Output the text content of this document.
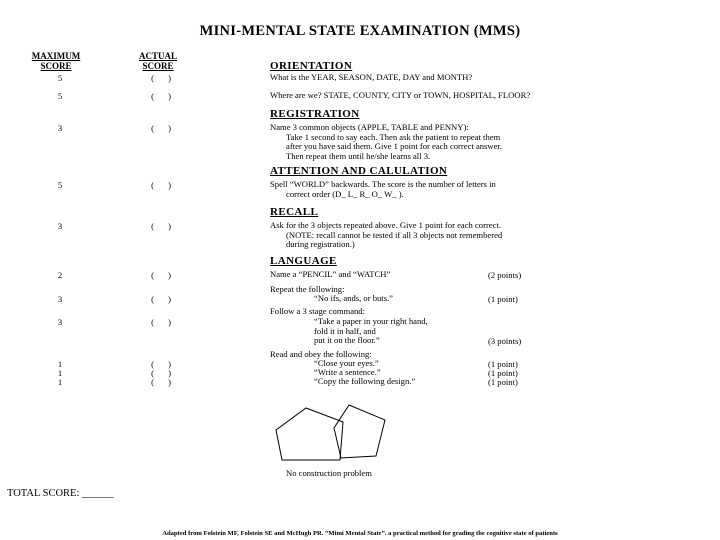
MINI-MENTAL STATE EXAMINATION (MMS)
MAXIMUM
SCORE
ACTUAL
SCORE	ORIENTATION
5	( )	What is the YEAR, SEASON, DATE, DAY and MONTH?
5	( )	Where are we? STATE, COUNTY, CITY or TOWN, HOSPITAL, FLOOR?
REGISTRATION
3	( )	Name 3 common objects (APPLE, TABLE and PENNY):
Take 1 second to say each. Then ask the patient to repeat them
after you have said them. Give 1 point for each correct answer.
Then repeat them until he/she learns all 3.
ATTENTION AND CALULATION
5	( )	Spell “WORLD” backwards. The score is the number of letters in
correct order (D_ L_ R_ O_ W_ ).
RECALL
3	( )	Ask for the 3 objects repeated above. Give 1 point for each correct.
(NOTE: recall cannot be tested if all 3 objects not remembered
during registration.)
LANGUAGE
2	( )	Name a “PENCIL” and “WATCH”	(2 points)
Repeat the following:
3	( )	“No ifs, ands, or buts.”	(1 point)
Follow a 3 stage command:
3	( )	“Take a paper in your right hand,
fold it in half, and
put it on the floor.”	(3 points)
Read and obey the following:
1	( )	“Close your eyes.”	(1 point)
1	( )	“Write a sentence.”	(1 point)
1	( )	“Copy the following design.”	(1 point)
No construction problem
TOTAL SCORE: ______
Adapted from Folstein MF, Folstein SE and McHugh PR. “Mimi Mental State”. a practical method for grading the cognitive state of patients
